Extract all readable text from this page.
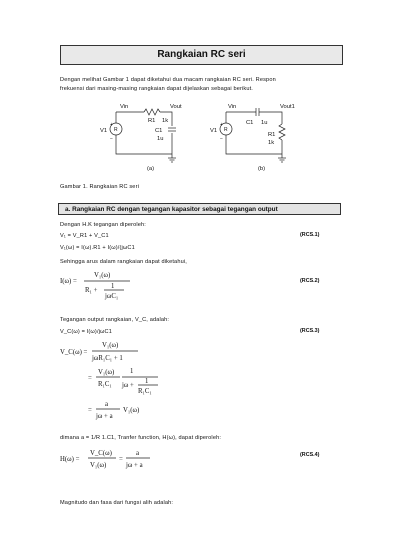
Rangkaian RC seri
Dengan melihat Gambar 1 dapat diketahui dua macam rangkaian RC seri. Respon
frekuensi dari masing-masing rangkaian dapat dijelaskan sebagai berikut.
Vin	Vout
R
R1 1k
C1
1u
V1
+
−
(a)
Vin	Vout1
R
C1 1u
R1
1k
V1
+
−
(b)
Gambar 1. Rangkaian RC seri
a. Rangkaian RC dengan tegangan kapasitor sebagai tegangan output
Dengan H.K tegangan diperoleh:
V₁ = V_R1 + V_C1	(RCS.1)
V₁(ω) = I(ω).R1 + I(ω)/(jωC1
Sehingga arus dalam rangkaian dapat diketahui,
I(ω) =
V₁(ω)
R₁ +
1
jωC₁
(RCS.2)
Tegangan output rangkaian, V_C, adalah:
V_C(ω) = I(ω)/jωC1	(RCS.3)
V_C(ω) =
V₁(ω)
jωR₁C₁ + 1
=
V₁(ω)
R₁C₁
1
jω +
1
R₁C₁
=
a
jω + a
V₁(ω)
dimana a = 1/R 1.C1, Tranfer function, H(ω), dapat diperoleh:
H(ω) =
V_C(ω)
V₁(ω)
=
a
jω + a
(RCS.4)
Magnitudo dan fasa dari fungsi alih adalah:
